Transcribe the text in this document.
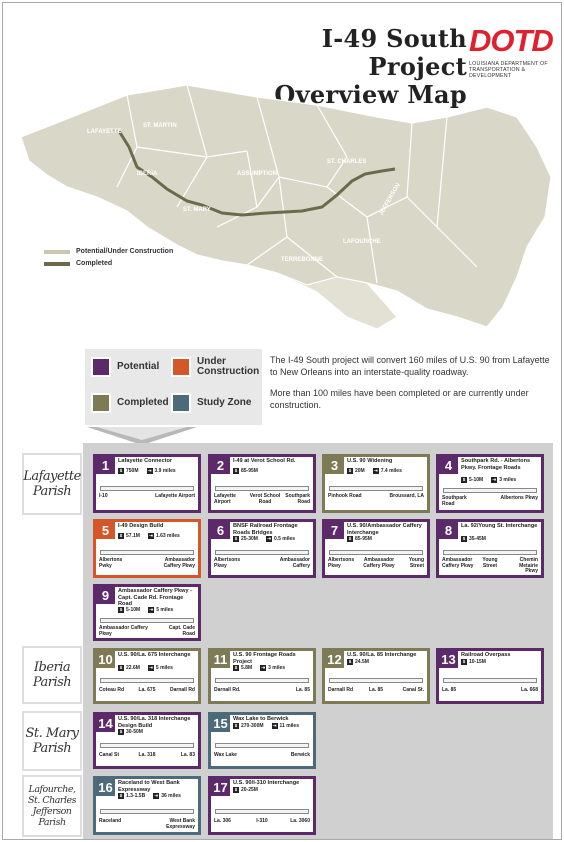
I-49 South Project
Overview Map
DOTD
LOUISIANA DEPARTMENT OF
TRANSPORTATION & DEVELOPMENT
LAFAYETTE
ST. MARTIN
IBERIA	ASSUMPTION
ST. MARY
ST. CHARLES
LAFOURCHE
TERREBONNE
JEFFERSON
Potential/Under Construction
Completed
Potential	Under Construction
Completed	Study Zone

The I-49 South project will convert 160 miles of U.S. 90 from Lafayette to New Orleans into an interstate-quality roadway.

More than 100 miles have been completed or are currently under construction.

Lafayette Parish
Iberia Parish
St. Mary Parish
Lafourche, St. Charles Jefferson Parish
1	Lafayette Connector
$ 750M ⇥ 3.9 miles
I-10	Lafayette Airport
2	I-49 at Verot School Rd.
$ 85-95M
Lafayette Airport
Verot School Road
Southpark Road
3	U.S. 90 Widening
$ 20M ⇥ 7.4 miles
Pinhook Road	Broussard, LA
4	Southpark Rd. - Albertons Pkwy. Frontage Roads
$ 5-10M ⇥ 3 miles
Southpark Road
Albertons Pkwy
5	I-49 Design Build
$ 57.1M ⇥ 1.63 miles
Albertons Pwky
Ambassador Caffery Pkwy
6	BNSF Railroad Frontage Roads Bridges
$ 25-30M ⇥ 0.5 miles
Albertsons Pkwy
Ambassador Caffery
7	U.S. 90/Ambassador Caffery Interchange
$ 85-95M
Albertsons Pkwy
Ambassador Caffery Pkwy
Young Street
8	La. 92/Young St. Interchange
$ 35-45M
Ambassador Caffery Pkwy
Young Street
Chemin Metairie Pkwy
9	Ambassador Caffery Pkwy - Capt. Cade Rd. Frontage Road
$ 5-10M ⇥ 5 miles
Ambassador Caffery Pkwy
Capt. Cade Road
10 U.S. 90/La. 675 Interchange
$ 22.6M ⇥ 5 miles
Coteau Rd	La. 675	Darnall Rd
11	U.S. 90 Frontage Roads Project
$ 5.8M ⇥ 3 miles
Darnall Rd.	La. 85
12 U.S. 90/La. 85 Interchange
$ 24.5M
Darnall Rd	La. 85	Canal St.
13 Railroad Overpass
$ 10-15M
La. 85	La. 668
14 U.S. 90/La. 318 Interchange Design Build
$ 30-50M
Canal St	La. 318	La. 83
15 Wax Lake to Berwick
$ 270-300M ⇥ 11 miles
Wax Lake	Berwick
16 Raceland to West Bank Expressway
$ 1.3-1.5B ⇥ 36 miles
Raceland	West Bank Expressway
17 U.S. 90/I-310 Interchange
$ 20-25M
La. 306	I-310	La. 3060
